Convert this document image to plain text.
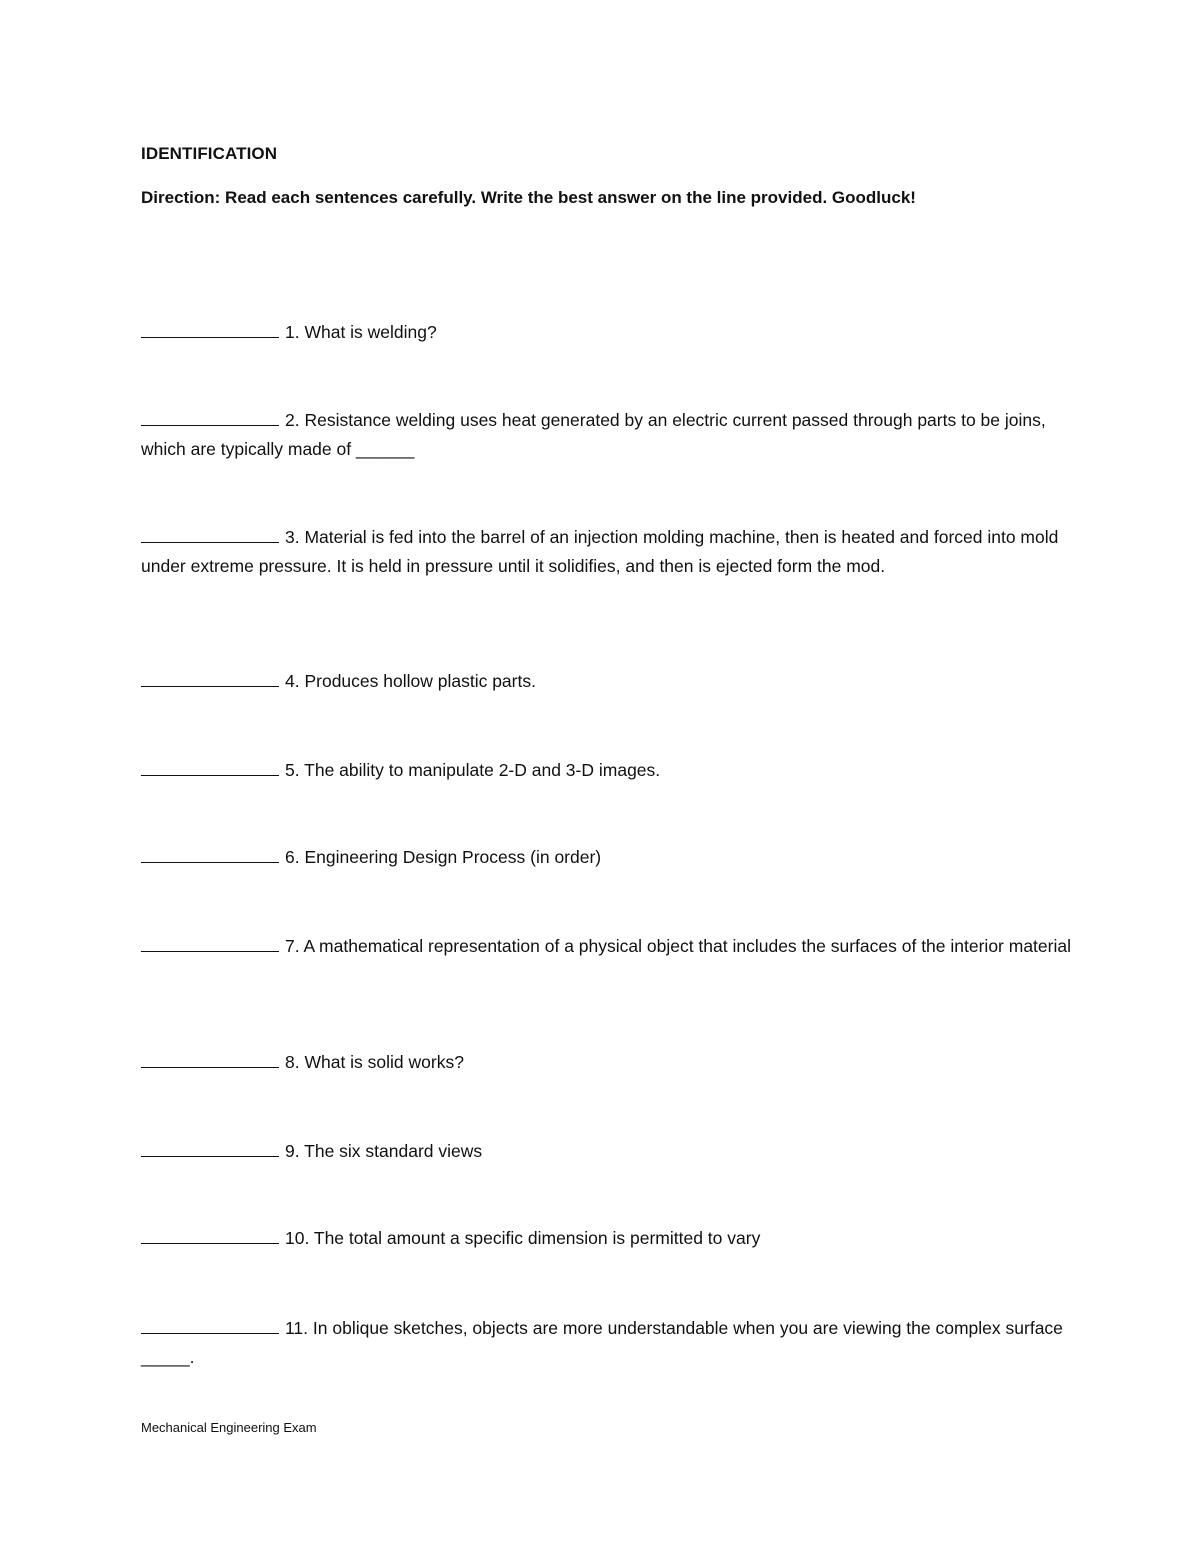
IDENTIFICATION
Direction: Read each sentences carefully. Write the best answer on the line provided. Goodluck!
1. What is welding?
2. Resistance welding uses heat generated by an electric current passed through parts to be joins, which are typically made of ______
3. Material is fed into the barrel of an injection molding machine, then is heated and forced into mold under extreme pressure. It is held in pressure until it solidifies, and then is ejected form the mod.
4. Produces hollow plastic parts.
5. The ability to manipulate 2-D and 3-D images.
6. Engineering Design Process (in order)
7. A mathematical representation of a physical object that includes the surfaces of the interior material
8. What is solid works?
9. The six standard views
10. The total amount a specific dimension is permitted to vary
11. In oblique sketches, objects are more understandable when you are viewing the complex surface _____.
Mechanical Engineering Exam
